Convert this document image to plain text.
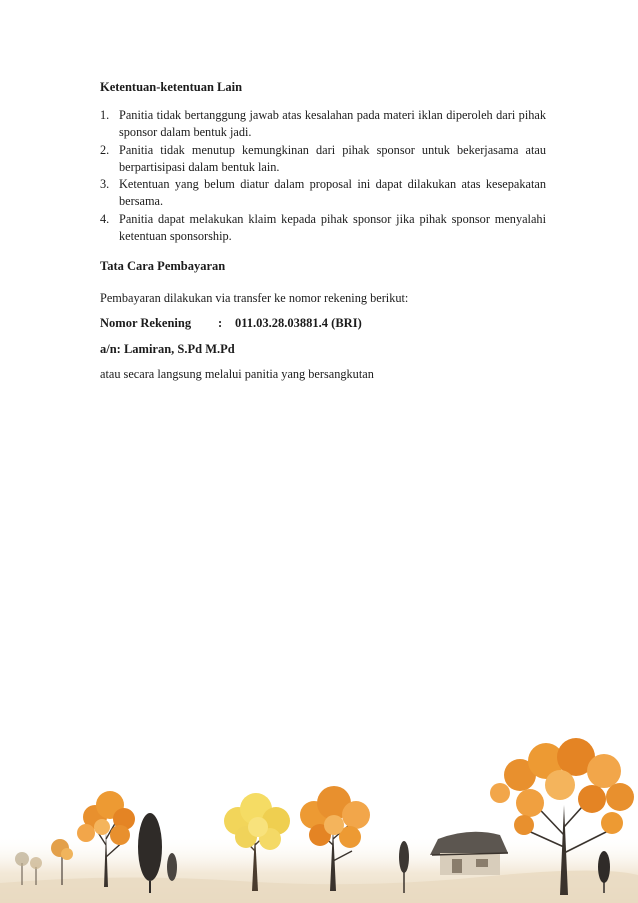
Ketentuan-ketentuan Lain
1. Panitia tidak bertanggung jawab atas kesalahan pada materi iklan diperoleh dari pihak sponsor dalam bentuk jadi.
2. Panitia tidak menutup kemungkinan dari pihak sponsor untuk bekerjasama atau berpartisipasi dalam bentuk lain.
3. Ketentuan yang belum diatur dalam proposal ini dapat dilakukan atas kesepakatan bersama.
4. Panitia dapat melakukan klaim kepada pihak sponsor jika pihak sponsor menyalahi ketentuan sponsorship.
Tata Cara Pembayaran
Pembayaran dilakukan via transfer ke nomor rekening berikut:
Nomor Rekening : 011.03.28.03881.4 (BRI)
a/n: Lamiran, S.Pd M.Pd
atau secara langsung melalui panitia yang bersangkutan
